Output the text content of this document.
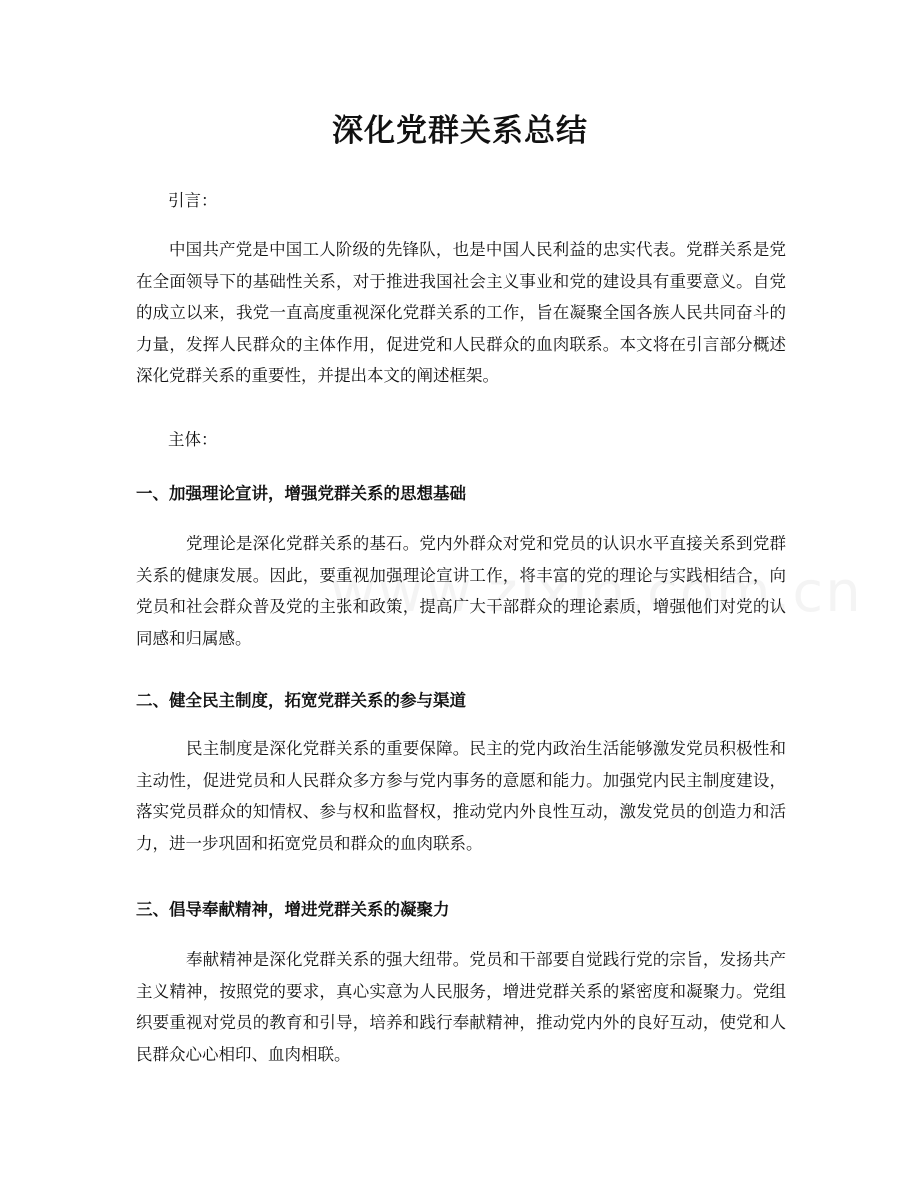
深化党群关系总结

引言：

中国共产党是中国工人阶级的先锋队，也是中国人民利益的忠实代表。党群关系是党在全面领导下的基础性关系，对于推进我国社会主义事业和党的建设具有重要意义。自党的成立以来，我党一直高度重视深化党群关系的工作，旨在凝聚全国各族人民共同奋斗的力量，发挥人民群众的主体作用，促进党和人民群众的血肉联系。本文将在引言部分概述深化党群关系的重要性，并提出本文的阐述框架。

主体：

一、加强理论宣讲，增强党群关系的思想基础

党理论是深化党群关系的基石。党内外群众对党和党员的认识水平直接关系到党群关系的健康发展。因此，要重视加强理论宣讲工作，将丰富的党的理论与实践相结合，向党员和社会群众普及党的主张和政策，提高广大干部群众的理论素质，增强他们对党的认同感和归属感。

二、健全民主制度，拓宽党群关系的参与渠道

民主制度是深化党群关系的重要保障。民主的党内政治生活能够激发党员积极性和主动性，促进党员和人民群众多方参与党内事务的意愿和能力。加强党内民主制度建设，落实党员群众的知情权、参与权和监督权，推动党内外良性互动，激发党员的创造力和活力，进一步巩固和拓宽党员和群众的血肉联系。

三、倡导奉献精神，增进党群关系的凝聚力

奉献精神是深化党群关系的强大纽带。党员和干部要自觉践行党的宗旨，发扬共产主义精神，按照党的要求，真心实意为人民服务，增进党群关系的紧密度和凝聚力。党组织要重视对党员的教育和引导，培养和践行奉献精神，推动党内外的良好互动，使党和人民群众心心相印、血肉相联。
